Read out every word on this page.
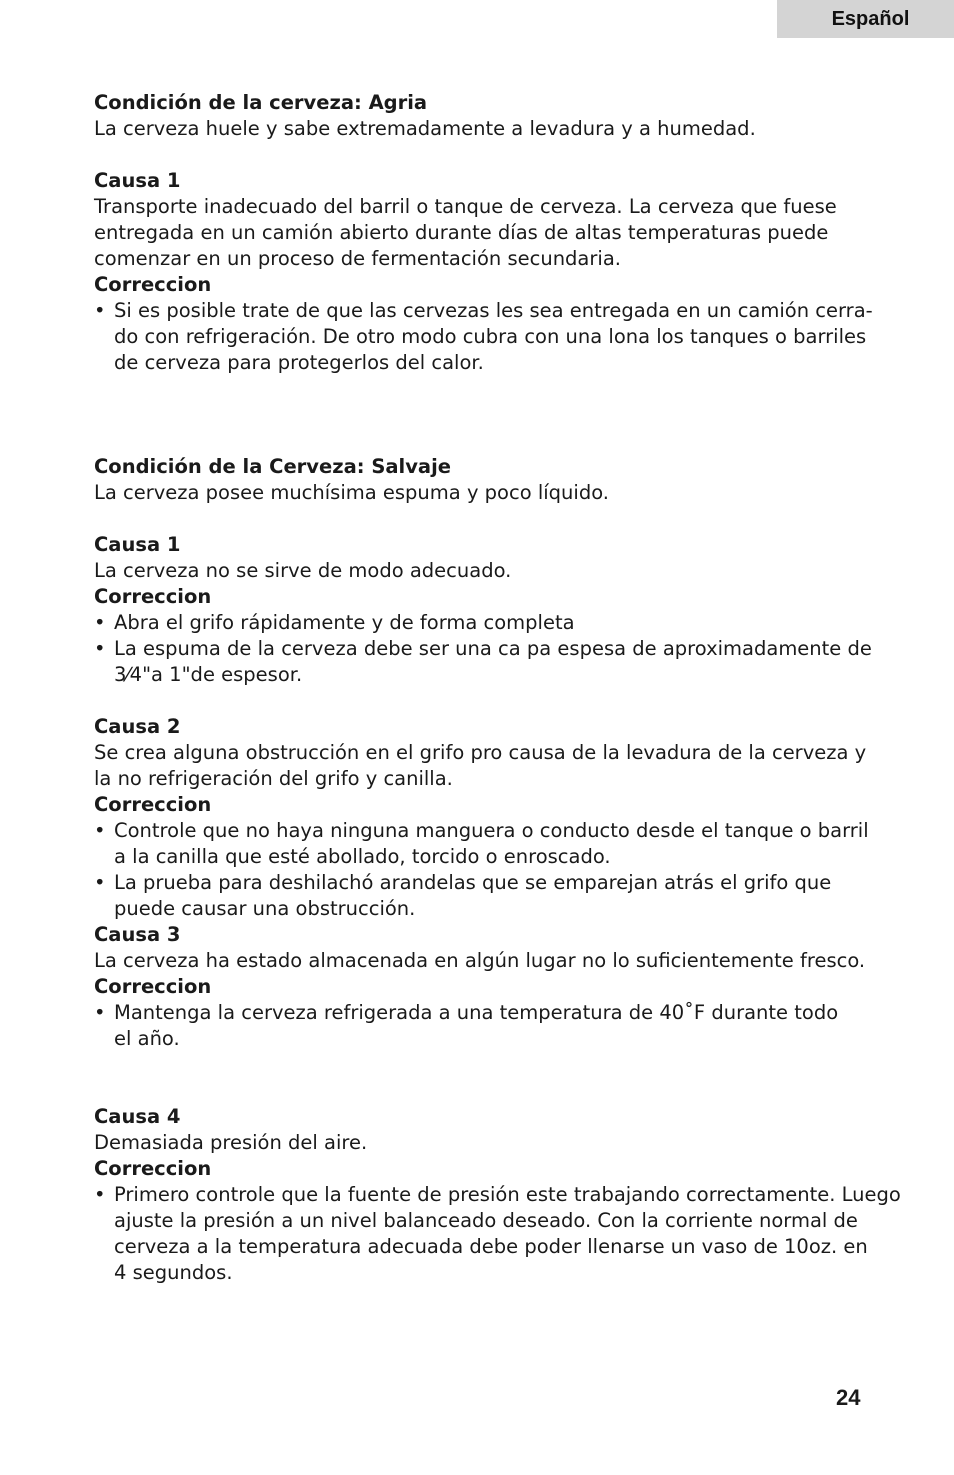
Español
Condición de la cerveza: Agria
La cerveza huele y sabe extremadamente a levadura y a humedad.
Causa 1
Transporte inadecuado del barril o tanque de cerveza. La cerveza que fuese
entregada en un camión abierto durante días de altas temperaturas puede
comenzar en un proceso de fermentación secundaria.
Correccion
• Si es posible trate de que las cervezas les sea entregada en un camión cerra-
do con refrigeración. De otro modo cubra con una lona los tanques o barriles
de cerveza para protegerlos del calor.
Condición de la Cerveza: Salvaje
La cerveza posee muchísima espuma y poco líquido.
Causa 1
La cerveza no se sirve de modo adecuado.
Correccion
• Abra el grifo rápidamente y de forma completa
• La espuma de la cerveza debe ser una ca pa espesa de aproximadamente de
3⁄4"a 1"de espesor.
Causa 2
Se crea alguna obstrucción en el grifo pro causa de la levadura de la cerveza y
la no refrigeración del grifo y canilla.
Correccion
• Controle que no haya ninguna manguera o conducto desde el tanque o barril
a la canilla que esté abollado, torcido o enroscado.
• La prueba para deshilachó arandelas que se emparejan atrás el grifo que
puede causar una obstrucción.
Causa 3
La cerveza ha estado almacenada en algún lugar no lo suficientemente fresco.
Correccion
• Mantenga la cerveza refrigerada a una temperatura de 40˚F durante todo
el año.
Causa 4
Demasiada presión del aire.
Correccion
• Primero controle que la fuente de presión este trabajando correctamente. Luego
ajuste la presión a un nivel balanceado deseado. Con la corriente normal de
cerveza a la temperatura adecuada debe poder llenarse un vaso de 10oz. en
4 segundos.
24
